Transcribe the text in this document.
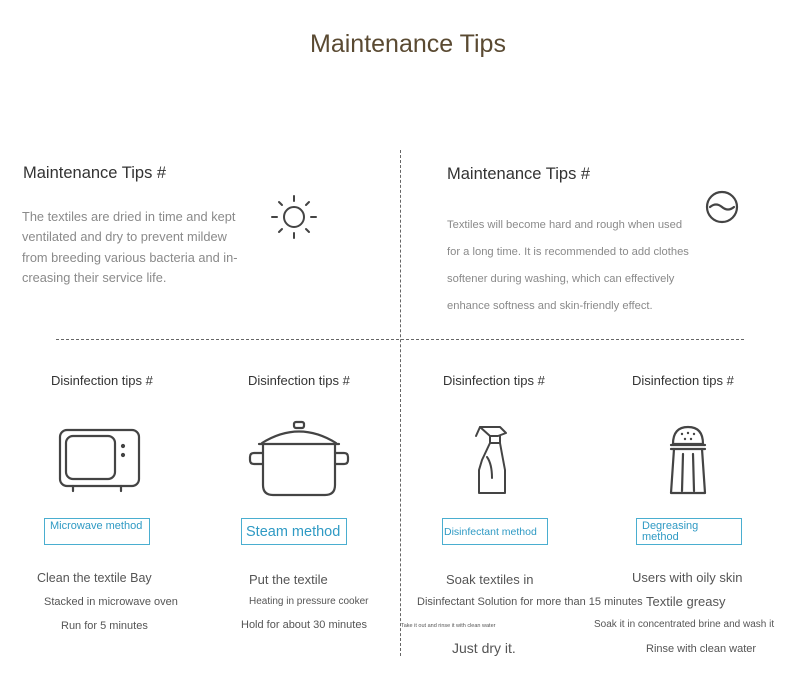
Maintenance Tips
Maintenance Tips #
The textiles are dried in time and kept ventilated and dry to prevent mildew from breeding various bacteria and in-creasing their service life.
Maintenance Tips #
Textiles will become hard and rough when used for a long time. It is recommended to add clothes softener during washing, which can effectively enhance softness and skin-friendly effect.
Disinfection tips #
Microwave method
Clean the textile Bay
Stacked in microwave oven
Run for 5 minutes
Disinfection tips #
Steam method
Put the textile
Heating in pressure cooker
Hold for about 30 minutes
Disinfection tips #
Disinfectant method
Soak textiles in
Disinfectant Solution for more than 15 minutes
Take it out and rinse it with clean water
Just dry it.
Disinfection tips #
Degreasing method
Users with oily skin
Textile greasy
Soak it in concentrated brine and wash it
Rinse with clean water
